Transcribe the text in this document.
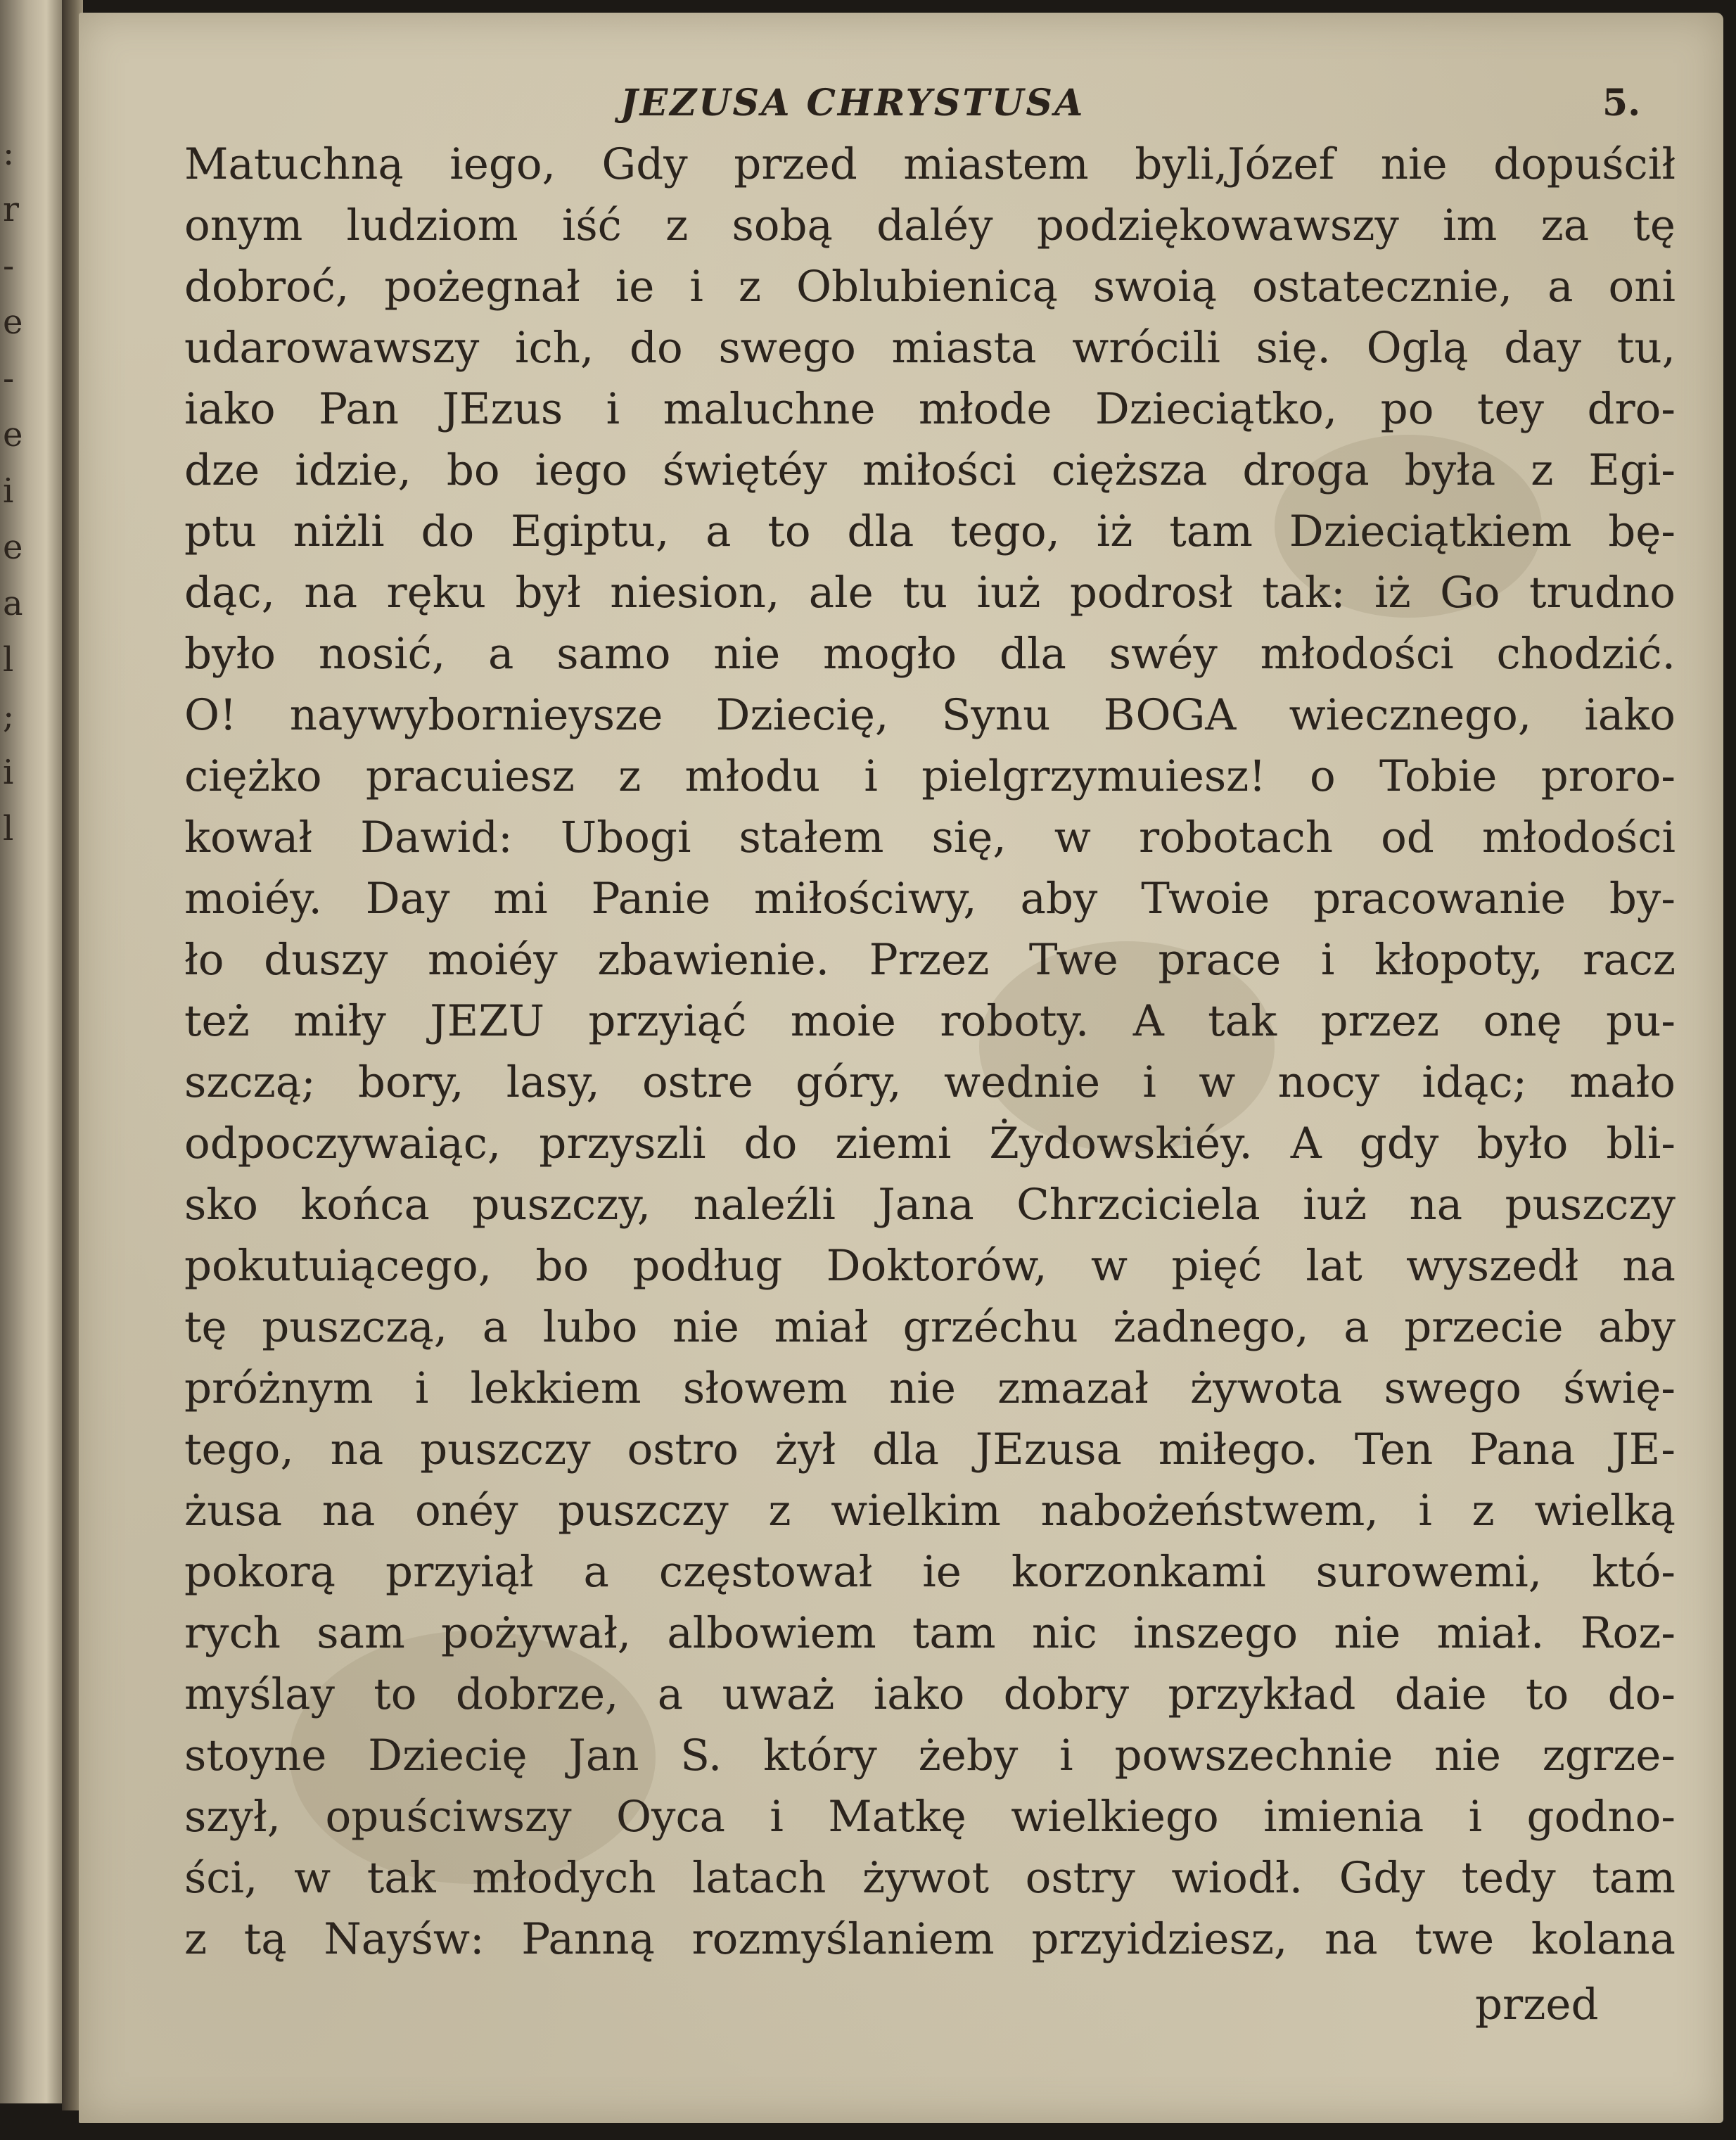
:
r
-
e
-
e
i
e
a
l
;
i
l
JEZUSA CHRYSTUSA	5.
Matuchną iego, Gdy przed miastem byli,Józef nie dopuścił
onym ludziom iść z sobą daléy podziękowawszy im za tę
dobroć, pożegnał ie i z Oblubienicą swoią ostatecznie, a oni
udarowawszy ich, do swego miasta wrócili się. Oglą day tu,
iako Pan JEzus i maluchne młode Dzieciątko, po tey dro-
dze idzie, bo iego świętéy miłości cięższa droga była z Egi-
ptu niżli do Egiptu, a to dla tego, iż tam Dzieciątkiem bę-
dąc, na ręku był niesion, ale tu iuż podrosł tak: iż Go trudno
było nosić, a samo nie mogło dla swéy młodości chodzić.
O! naywybornieysze Dziecię, Synu BOGA wiecznego, iako
ciężko pracuiesz z młodu i pielgrzymuiesz! o Tobie proro-
kował Dawid: Ubogi stałem się, w robotach od młodości
moiéy. Day mi Panie miłościwy, aby Twoie pracowanie by-
ło duszy moiéy zbawienie. Przez Twe prace i kłopoty, racz
też miły JEZU przyiąć moie roboty. A tak przez onę pu-
szczą; bory, lasy, ostre góry, wednie i w nocy idąc; mało
odpoczywaiąc, przyszli do ziemi Żydowskiéy. A gdy było bli-
sko końca puszczy, naleźli Jana Chrzciciela iuż na puszczy
pokutuiącego, bo podług Doktorów, w pięć lat wyszedł na
tę puszczą, a lubo nie miał grzéchu żadnego, a przecie aby
próżnym i lekkiem słowem nie zmazał żywota swego świę-
tego, na puszczy ostro żył dla JEzusa miłego. Ten Pana JE-
żusa na onéy puszczy z wielkim nabożeństwem, i z wielką
pokorą przyiął a częstował ie korzonkami surowemi, któ-
rych sam pożywał, albowiem tam nic inszego nie miał. Roz-
myślay to dobrze, a uważ iako dobry przykład daie to do-
stoyne Dziecię Jan S. który żeby i powszechnie nie zgrze-
szył, opuściwszy Oyca i Matkę wielkiego imienia i godno-
ści, w tak młodych latach żywot ostry wiodł. Gdy tedy tam
z tą Nayśw: Panną rozmyślaniem przyidziesz, na twe kolana
przed
